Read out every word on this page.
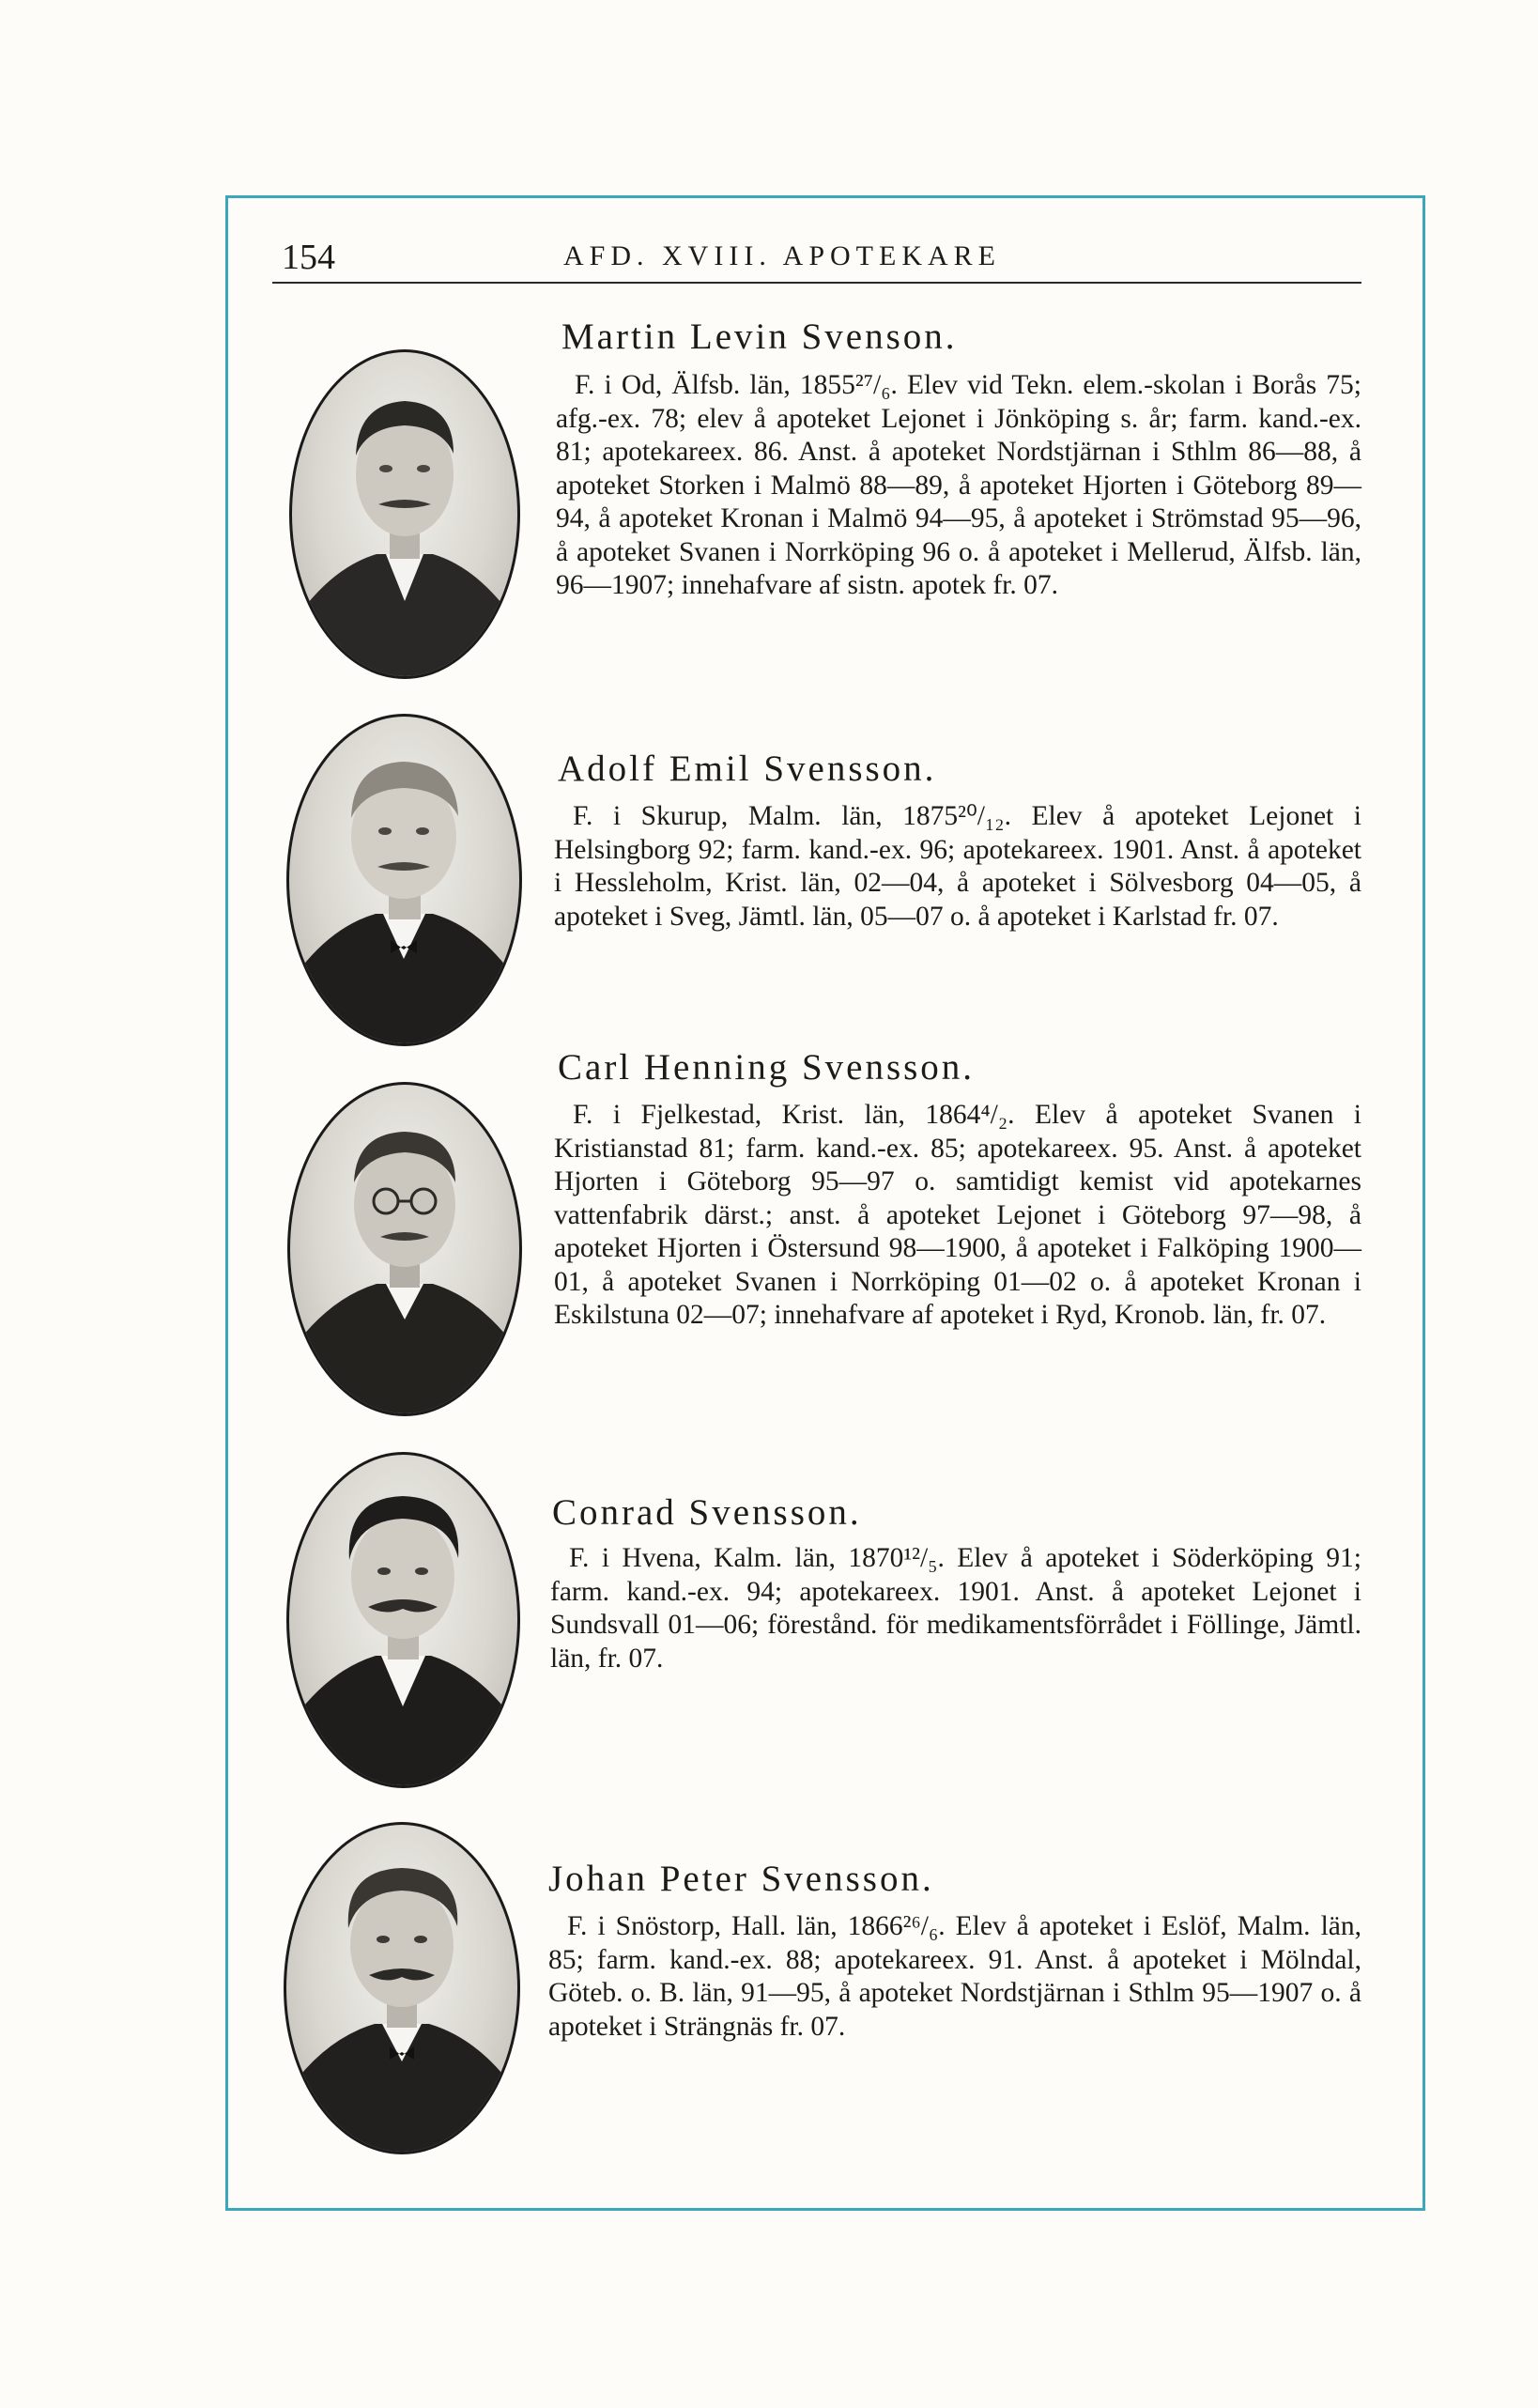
154	AFD. XVIII. APOTEKARE
Martin Levin Svenson.
F. i Od, Älfsb. län, 1855²⁷/₆. Elev vid Tekn. elem.-skolan i Borås 75; afg.-ex. 78; elev å apoteket Lejonet i Jönköping s. år; farm. kand.-ex. 81; apotekareex. 86. Anst. å apoteket Nordstjärnan i Sthlm 86—88, å apoteket Storken i Malmö 88—89, å apoteket Hjorten i Göteborg 89—94, å apoteket Kronan i Malmö 94—95, å apoteket i Strömstad 95—96, å apoteket Svanen i Norrköping 96 o. å apoteket i Mellerud, Älfsb. län, 96—1907; innehafvare af sistn. apotek fr. 07.
Adolf Emil Svensson.
F. i Skurup, Malm. län, 1875²⁰/₁₂. Elev å apoteket Lejonet i Helsingborg 92; farm. kand.-ex. 96; apotekareex. 1901. Anst. å apoteket i Hessleholm, Krist. län, 02—04, å apoteket i Sölvesborg 04—05, å apoteket i Sveg, Jämtl. län, 05—07 o. å apoteket i Karlstad fr. 07.
Carl Henning Svensson.
F. i Fjelkestad, Krist. län, 1864⁴/₂. Elev å apoteket Svanen i Kristianstad 81; farm. kand.-ex. 85; apotekareex. 95. Anst. å apoteket Hjorten i Göteborg 95—97 o. samtidigt kemist vid apotekarnes vattenfabrik därst.; anst. å apoteket Lejonet i Göteborg 97—98, å apoteket Hjorten i Östersund 98—1900, å apoteket i Falköping 1900—01, å apoteket Svanen i Norrköping 01—02 o. å apoteket Kronan i Eskilstuna 02—07; innehafvare af apoteket i Ryd, Kronob. län, fr. 07.
Conrad Svensson.
F. i Hvena, Kalm. län, 1870¹²/₅. Elev å apoteket i Söderköping 91; farm. kand.-ex. 94; apotekareex. 1901. Anst. å apoteket Lejonet i Sundsvall 01—06; förestånd. för medikamentsförrådet i Föllinge, Jämtl. län, fr. 07.
Johan Peter Svensson.
F. i Snöstorp, Hall. län, 1866²⁶/₆. Elev å apoteket i Eslöf, Malm. län, 85; farm. kand.-ex. 88; apotekareex. 91. Anst. å apoteket i Mölndal, Göteb. o. B. län, 91—95, å apoteket Nordstjärnan i Sthlm 95—1907 o. å apoteket i Strängnäs fr. 07.
